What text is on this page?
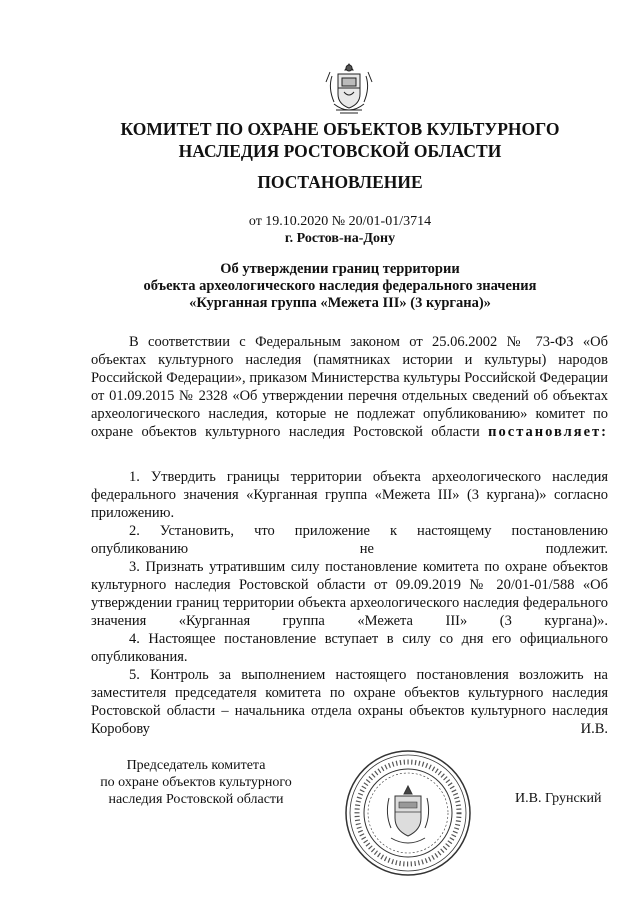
КОМИТЕТ ПО ОХРАНЕ ОБЪЕКТОВ КУЛЬТУРНОГО
НАСЛЕДИЯ РОСТОВСКОЙ ОБЛАСТИ
ПОСТАНОВЛЕНИЕ
от 19.10.2020 № 20/01-01/3714
г. Ростов-на-Дону
Об утверждении границ территории
объекта археологического наследия федерального значения
«Курганная группа «Межета III» (3 кургана)»
В соответствии с Федеральным законом от 25.06.2002 № 73-ФЗ «Об объектах культурного наследия (памятниках истории и культуры) народов Российской Федерации», приказом Министерства культуры Российской Федерации от 01.09.2015 № 2328 «Об утверждении перечня отдельных сведений об объектах археологического наследия, которые не подлежат опубликованию» комитет по охране объектов культурного наследия Ростовской области постановляет:
1. Утвердить границы территории объекта археологического наследия федерального значения «Курганная группа «Межета III» (3 кургана)» согласно приложению.
2. Установить, что приложение к настоящему постановлению опубликованию не подлежит.
3. Признать утратившим силу постановление комитета по охране объектов культурного наследия Ростовской области от 09.09.2019 № 20/01-01/588 «Об утверждении границ территории объекта археологического наследия федерального значения «Курганная группа «Межета III» (3 кургана)».
4. Настоящее постановление вступает в силу со дня его официального опубликования.
5. Контроль за выполнением настоящего постановления возложить на заместителя председателя комитета по охране объектов культурного наследия Ростовской области – начальника отдела охраны объектов культурного наследия Коробову И.В.
Председатель комитета
по охране объектов культурного
наследия Ростовской области	И.В. Грунский
